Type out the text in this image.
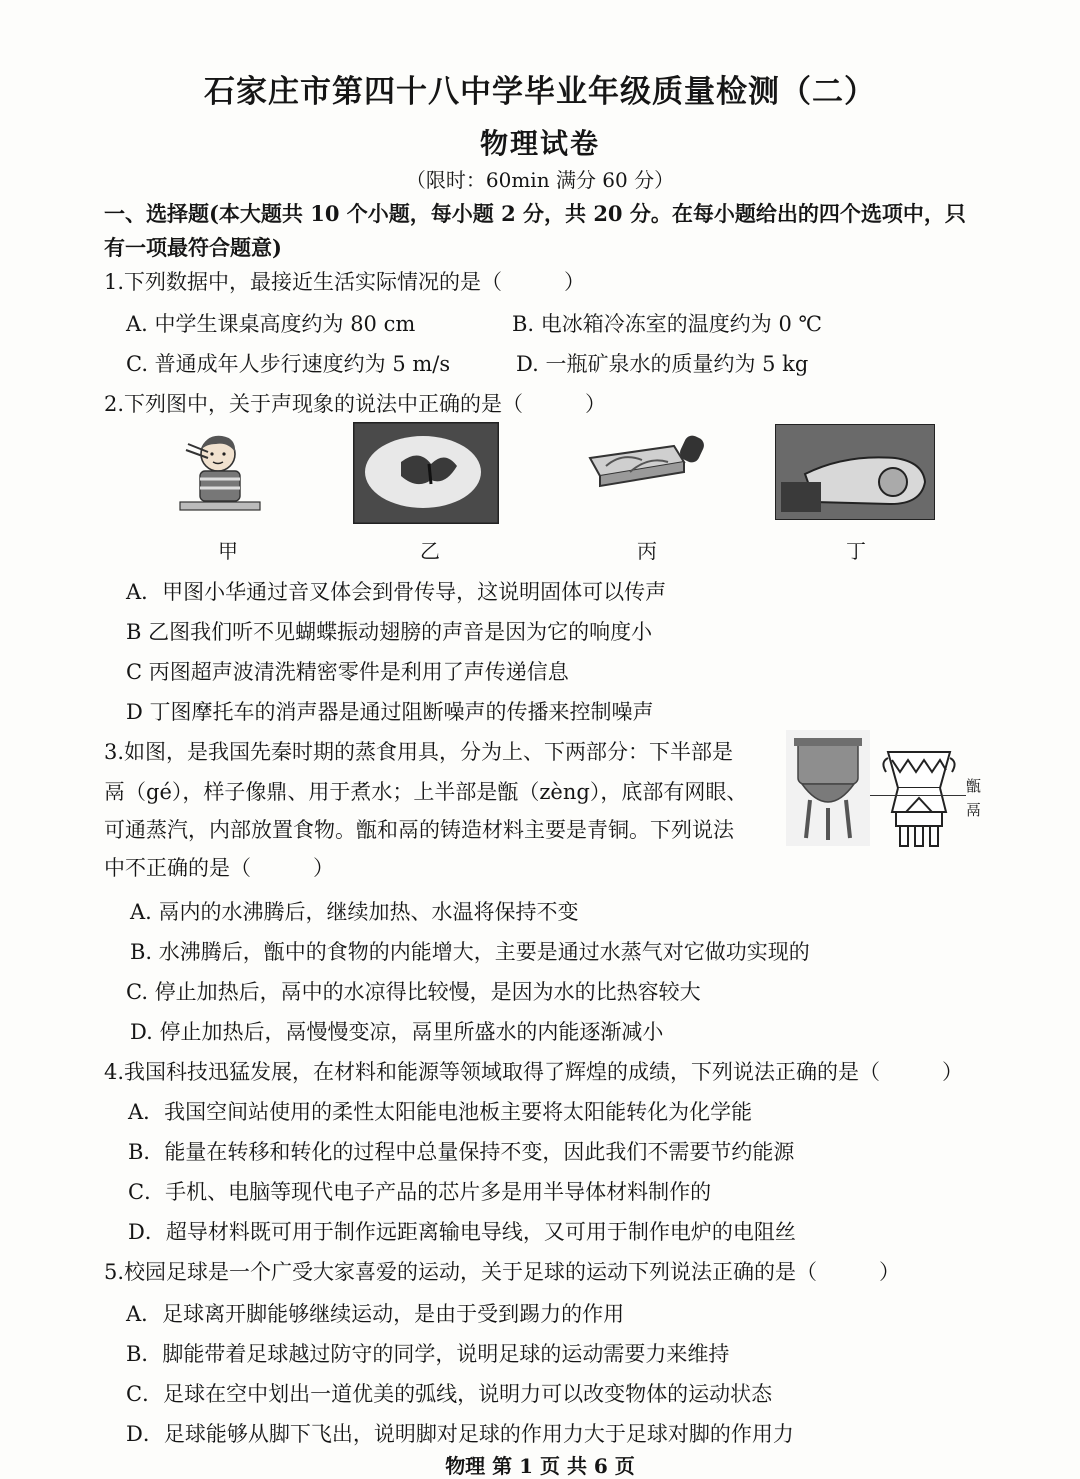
石家庄市第四十八中学毕业年级质量检测（二）
物理试卷
（限时：60min 满分 60 分）
一、选择题(本大题共 10 个小题，每小题 2 分，共 20 分。在每小题给出的四个选项中，只
有一项最符合题意)
1.下列数据中，最接近生活实际情况的是（	）
A. 中学生课桌高度约为 80 cm	B. 电冰箱冷冻室的温度约为 0 ℃
C. 普通成年人步行速度约为 5 m/s	D. 一瓶矿泉水的质量约为 5 kg
2.下列图中，关于声现象的说法中正确的是（	）
甲	乙	丙	丁
A．甲图小华通过音叉体会到骨传导，这说明固体可以传声
B 乙图我们听不见蝴蝶振动翅膀的声音是因为它的响度小
C 丙图超声波清洗精密零件是利用了声传递信息
D 丁图摩托车的消声器是通过阻断噪声的传播来控制噪声
3.如图，是我国先秦时期的蒸食用具，分为上、下两部分：下半部是
鬲（gé），样子像鼎、用于煮水；上半部是甑（zèng），底部有网眼、
可通蒸汽，内部放置食物。甑和鬲的铸造材料主要是青铜。下列说法
中不正确的是（	）
甑
鬲
A. 鬲内的水沸腾后，继续加热、水温将保持不变
B. 水沸腾后，甑中的食物的内能增大，主要是通过水蒸气对它做功实现的
C. 停止加热后，鬲中的水凉得比较慢，是因为水的比热容较大
D. 停止加热后，鬲慢慢变凉，鬲里所盛水的内能逐渐减小
4.我国科技迅猛发展，在材料和能源等领域取得了辉煌的成绩，下列说法正确的是（	）
A．我国空间站使用的柔性太阳能电池板主要将太阳能转化为化学能
B．能量在转移和转化的过程中总量保持不变，因此我们不需要节约能源
C．手机、电脑等现代电子产品的芯片多是用半导体材料制作的
D．超导材料既可用于制作远距离输电导线，又可用于制作电炉的电阻丝
5.校园足球是一个广受大家喜爱的运动，关于足球的运动下列说法正确的是（	）
A．足球离开脚能够继续运动，是由于受到踢力的作用
B．脚能带着足球越过防守的同学，说明足球的运动需要力来维持
C．足球在空中划出一道优美的弧线，说明力可以改变物体的运动状态
D．足球能够从脚下飞出，说明脚对足球的作用力大于足球对脚的作用力
物理 第 1 页 共 6 页
